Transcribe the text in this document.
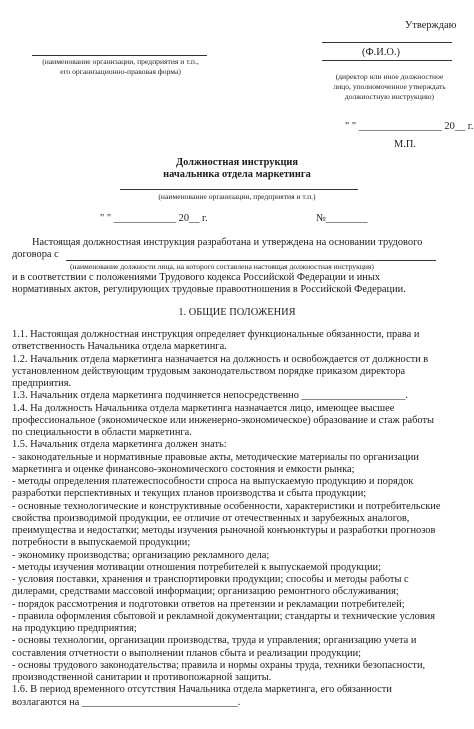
Утверждаю
(Ф.И.О.)
(наименование организации, предприятия и т.п.,
его организационно-правовая форма)
(директор или иное должностное
лицо, уполномоченное утверждать
должностную инструкцию)
" " ________________ 20__ г.
М.П.
Должностная инструкция
начальника отдела маркетинга
(наименование организации, предприятия и т.п.)
" " ____________ 20__ г.	№________
Настоящая должностная инструкция разработана и утверждена на основании трудового
договора с
(наименование должности лица, на которого составлена настоящая должностная инструкция)
и в соответствии с положениями Трудового кодекса Российской Федерации и иных
нормативных актов, регулирующих трудовые правоотношения в Российской Федерации.
1. ОБЩИЕ ПОЛОЖЕНИЯ

1.1. Настоящая должностная инструкция определяет функциональные обязанности, права и

ответственность Начальника отдела маркетинга.

1.2. Начальник отдела маркетинга назначается на должность и освобождается от должности в

установленном действующим трудовым законодательством порядке приказом директора

предприятия.

1.3. Начальник отдела маркетинга подчиняется непосредственно ____________________.

1.4. На должность Начальника отдела маркетинга назначается лицо, имеющее высшее

профессиональное (экономическое или инженерно-экономическое) образование и стаж работы

по специальности в области маркетинга.

1.5. Начальник отдела маркетинга должен знать:

- законодательные и нормативные правовые акты, методические материалы по организации

маркетинга и оценке финансово-экономического состояния и емкости рынка;

- методы определения платежеспособности спроса на выпускаемую продукцию и порядок

разработки перспективных и текущих планов производства и сбыта продукции;

- основные технологические и конструктивные особенности, характеристики и потребительские

свойства производимой продукции, ее отличие от отечественных и зарубежных аналогов,

преимущества и недостатки; методы изучения рыночной конъюнктуры и разработки прогнозов

потребности в выпускаемой продукции;

- экономику производства; организацию рекламного дела;

- методы изучения мотивации отношения потребителей к выпускаемой продукции;

- условия поставки, хранения и транспортировки продукции; способы и методы работы с

дилерами, средствами массовой информации; организацию ремонтного обслуживания;

- порядок рассмотрения и подготовки ответов на претензии и рекламации потребителей;

- правила оформления сбытовой и рекламной документации; стандарты и технические условия

на продукцию предприятия;

- основы технологии, организации производства, труда и управления; организацию учета и

составления отчетности о выполнении планов сбыта и реализации продукции;

- основы трудового законодательства; правила и нормы охраны труда, техники безопасности,

производственной санитарии и противопожарной защиты.

1.6. В период временного отсутствия Начальника отдела маркетинга, его обязанности

возлагаются на ______________________________.
